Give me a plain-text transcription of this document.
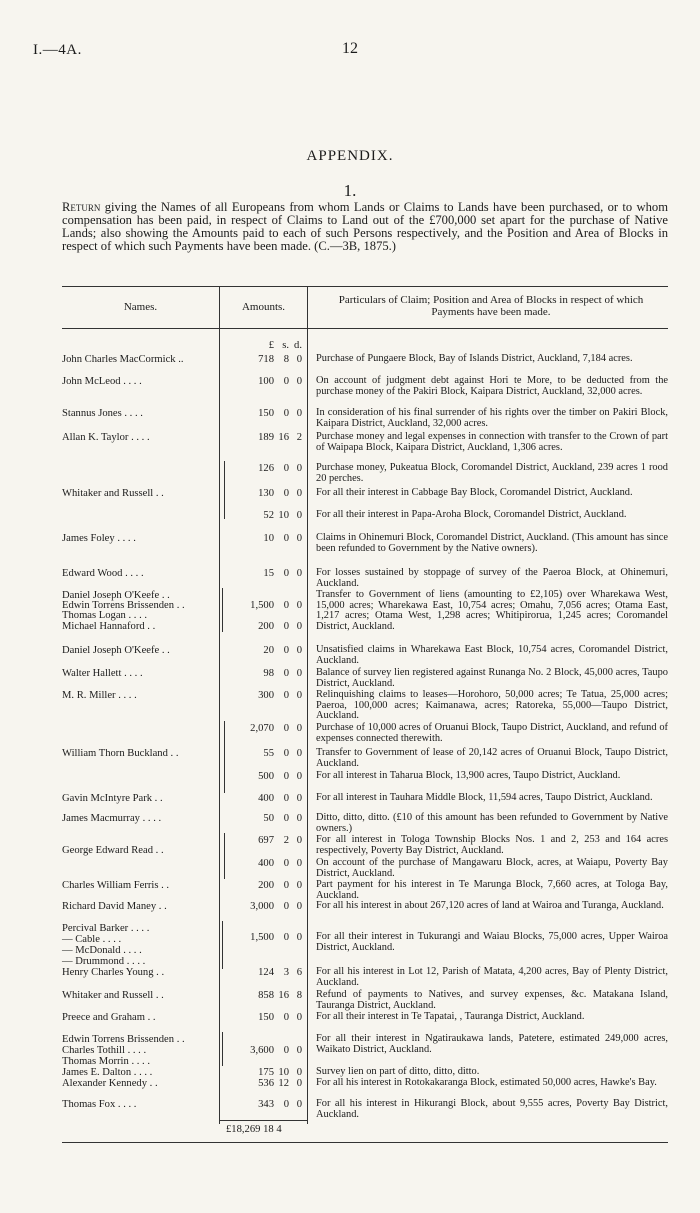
I.—4A.	12
APPENDIX.
1.
Return giving the Names of all Europeans from whom Lands or Claims to Lands have been purchased, or to whom compensation has been paid, in respect of Claims to Land out of the £700,000 set apart for the purchase of Native Lands; also showing the Amounts paid to each of such Persons respectively, and the Position and Area of Blocks in respect of which such Payments have been made. (C.—3B, 1875.)
Names.	Amounts.
Particulars of Claim; Position and Area of Blocks in respect of which Payments have been made.
£ s. d.
John Charles MacCormick ..
John McLeod . . . .
Stannus Jones . . . .
Allan K. Taylor . . . .
Whitaker and Russell . .
James Foley . . . .
Edward Wood . . . .
Daniel Joseph O'Keefe . .
Edwin Torrens Brissenden . .
Thomas Logan . . . .
Michael Hannaford . .
Daniel Joseph O'Keefe . .
Walter Hallett . . . .
M. R. Miller . . . .
William Thorn Buckland . .
Gavin McIntyre Park . .
James Macmurray . . . .
George Edward Read . .
Charles William Ferris . .
Richard David Maney . .
Percival Barker . . . .
— Cable . . . .
— McDonald . . . .
— Drummond . . . .
Henry Charles Young . .
Whitaker and Russell . .
Preece and Graham . .
Edwin Torrens Brissenden . .
Charles Tothill . . . .
Thomas Morrin . . . .
James E. Dalton . . . .
Alexander Kennedy . .
Thomas Fox . . . .
718 8 0
100 0 0
150 0 0
189 16 2
126 0 0
130 0 0
52 10 0
10 0 0
15 0 0
1,500 0 0
200 0 0
20 0 0
98 0 0
300 0 0
2,070 0 0
55 0 0
500 0 0
400 0 0
50 0 0
697 2 0
400 0 0
200 0 0
3,000 0 0
1,500 0 0
124 3 6
858 16 8
150 0 0
3,600 0 0
175 10 0
536 12 0
343 0 0
Purchase of Pungaere Block, Bay of Islands District, Auckland, 7,184 acres.
On account of judgment debt against Hori te More, to be deducted from the purchase money of the Pakiri Block, Kaipara District, Auckland, 32,000 acres.
In consideration of his final surrender of his rights over the timber on Pakiri Block, Kaipara District, Auckland, 32,000 acres.
Purchase money and legal expenses in connection with transfer to the Crown of part of Waipapa Block, Kaipara District, Auckland, 1,306 acres.
Purchase money, Pukeatua Block, Coromandel District, Auckland, 239 acres 1 rood 20 perches.
For all their interest in Cabbage Bay Block, Coromandel District, Auckland.
For all their interest in Papa-Aroha Block, Coromandel District, Auckland.
Claims in Ohinemuri Block, Coromandel District, Auckland. (This amount has since been refunded to Government by the Native owners).
For losses sustained by stoppage of survey of the Paeroa Block, at Ohinemuri, Auckland.
Transfer to Government of liens (amounting to £2,105) over Wharekawa West, 15,000 acres; Wharekawa East, 10,754 acres; Omahu, 7,056 acres; Otama East, 1,217 acres; Otama West, 1,298 acres; Whitipirorua, 1,245 acres; Coromandel District, Auckland.
Unsatisfied claims in Wharekawa East Block, 10,754 acres, Coromandel District, Auckland.
Balance of survey lien registered against Runanga No. 2 Block, 45,000 acres, Taupo District, Auckland.
Relinquishing claims to leases—Horohoro, 50,000 acres; Te Tatua, 25,000 acres; Paeroa, 100,000 acres; Kaimanawa, acres; Ratoreka, 55,000—Taupo District, Auckland.
Purchase of 10,000 acres of Oruanui Block, Taupo District, Auckland, and refund of expenses connected therewith.
Transfer to Government of lease of 20,142 acres of Oruanui Block, Taupo District, Auckland.
For all interest in Taharua Block, 13,900 acres, Taupo District, Auckland.
For all interest in Tauhara Middle Block, 11,594 acres, Taupo District, Auckland.
Ditto, ditto, ditto. (£10 of this amount has been refunded to Government by Native owners.)
For all interest in Tologa Township Blocks Nos. 1 and 2, 253 and 164 acres respectively, Poverty Bay District, Auckland.
On account of the purchase of Mangawaru Block, acres, at Waiapu, Poverty Bay District, Auckland.
Part payment for his interest in Te Marunga Block, 7,660 acres, at Tologa Bay, Auckland.
For all his interest in about 267,120 acres of land at Wairoa and Turanga, Auckland.
For all their interest in Tukurangi and Waiau Blocks, 75,000 acres, Upper Wairoa District, Auckland.
For all his interest in Lot 12, Parish of Matata, 4,200 acres, Bay of Plenty District, Auckland.
Refund of payments to Natives, and survey expenses, &c. Matakana Island, Tauranga District, Auckland.
For all their interest in Te Tapatai, , Tauranga District, Auckland.
For all their interest in Ngatiraukawa lands, Patetere, estimated 249,000 acres, Waikato District, Auckland.
Survey lien on part of ditto, ditto, ditto.
For all his interest in Rotokakaranga Block, estimated 50,000 acres, Hawke's Bay.
For all his interest in Hikurangi Block, about 9,555 acres, Poverty Bay District, Auckland.
£18,269 18 4
